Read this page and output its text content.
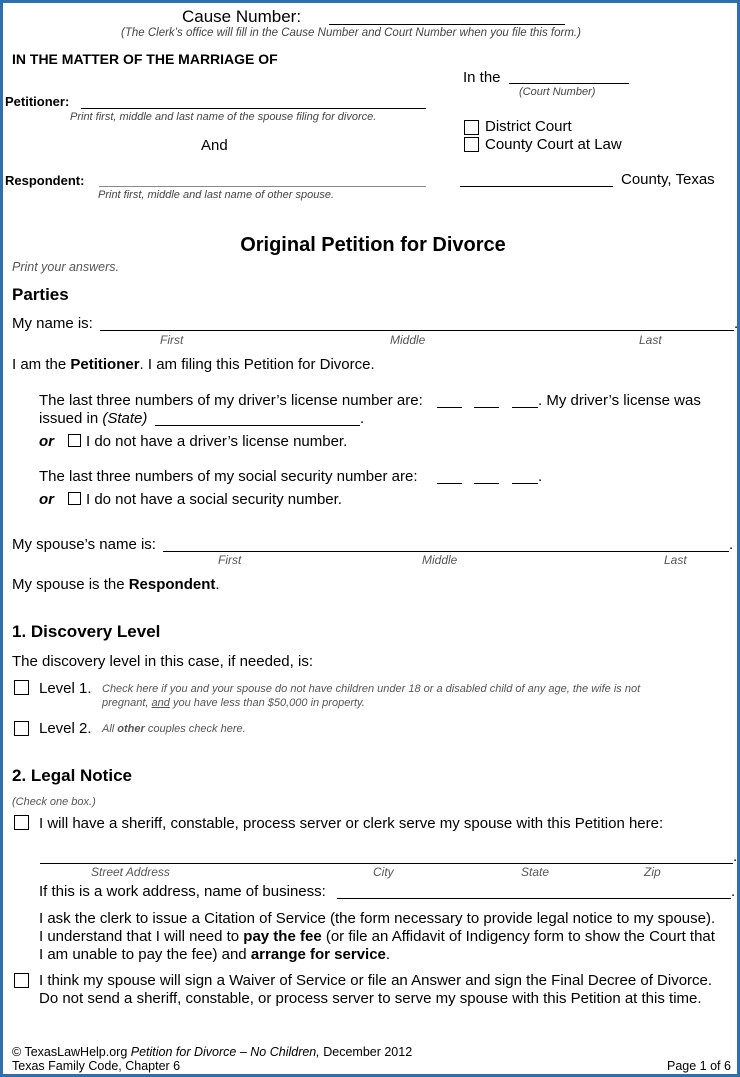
Cause Number:
(The Clerk’s office will fill in the Cause Number and Court Number when you file this form.)
IN THE MATTER OF THE MARRIAGE OF
In the
(Court Number)
Petitioner:
Print first, middle and last name of the spouse filing for divorce.
District Court
County Court at Law
And
Respondent:
Print first, middle and last name of other spouse.
County, Texas
Original Petition for Divorce
Print your answers.
Parties
My name is:	.
First	Middle	Last
I am the Petitioner. I am filing this Petition for Divorce.
The last three numbers of my driver’s license number are:	. My driver’s license was
issued in (State)	.
or I do not have a driver’s license number.
The last three numbers of my social security number are:	.
or I do not have a social security number.
My spouse’s name is:	.
First	Middle	Last
My spouse is the Respondent.
1. Discovery Level
The discovery level in this case, if needed, is:
Level 1. Check here if you and your spouse do not have children under 18 or a disabled child of any age, the wife is not
pregnant, and you have less than $50,000 in property.
Level 2. All other couples check here.
2. Legal Notice
(Check one box.)
I will have a sheriff, constable, process server or clerk serve my spouse with this Petition here:
.
Street Address	City	State	Zip
If this is a work address, name of business:	.
I ask the clerk to issue a Citation of Service (the form necessary to provide legal notice to my spouse).
I understand that I will need to pay the fee (or file an Affidavit of Indigency form to show the Court that
I am unable to pay the fee) and arrange for service.
I think my spouse will sign a Waiver of Service or file an Answer and sign the Final Decree of Divorce.
Do not send a sheriff, constable, or process server to serve my spouse with this Petition at this time.
© TexasLawHelp.org Petition for Divorce – No Children, December 2012
Texas Family Code, Chapter 6	Page 1 of 6
